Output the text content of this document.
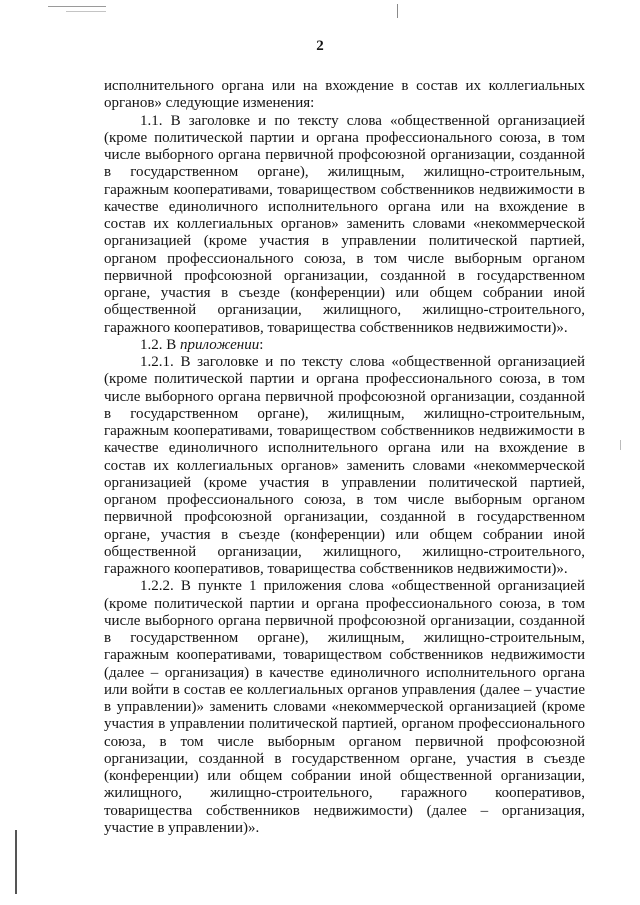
2

исполнительного органа или на вхождение в состав их коллегиальных органов» следующие изменения:

1.1. В заголовке и по тексту слова «общественной организацией (кроме политической партии и органа профессионального союза, в том числе выборного органа первичной профсоюзной организации, созданной в государственном органе), жилищным, жилищно-строительным, гаражным кооперативами, товариществом собственников недвижимости в качестве единоличного исполнительного органа или на вхождение в состав их коллегиальных органов» заменить словами «некоммерческой организацией (кроме участия в управлении политической партией, органом профессионального союза, в том числе выборным органом первичной профсоюзной организации, созданной в государственном органе, участия в съезде (конференции) или общем собрании иной общественной организации, жилищного, жилищно-строительного, гаражного кооперативов, товарищества собственников недвижимости)».

1.2. В приложении:

1.2.1. В заголовке и по тексту слова «общественной организацией (кроме политической партии и органа профессионального союза, в том числе выборного органа первичной профсоюзной организации, созданной в государственном органе), жилищным, жилищно-строительным, гаражным кооперативами, товариществом собственников недвижимости в качестве единоличного исполнительного органа или на вхождение в состав их коллегиальных органов» заменить словами «некоммерческой организацией (кроме участия в управлении политической партией, органом профессионального союза, в том числе выборным органом первичной профсоюзной организации, созданной в государственном органе, участия в съезде (конференции) или общем собрании иной общественной организации, жилищного, жилищно-строительного, гаражного кооперативов, товарищества собственников недвижимости)».

1.2.2. В пункте 1 приложения слова «общественной организацией (кроме политической партии и органа профессионального союза, в том числе выборного органа первичной профсоюзной организации, созданной в государственном органе), жилищным, жилищно-строительным, гаражным кооперативами, товариществом собственников недвижимости (далее – организация) в качестве единоличного исполнительного органа или войти в состав ее коллегиальных органов управления (далее – участие в управлении)» заменить словами «некоммерческой организацией (кроме участия в управлении политической партией, органом профессионального союза, в том числе выборным органом первичной профсоюзной организации, созданной в государственном органе, участия в съезде (конференции) или общем собрании иной общественной организации, жилищного, жилищно-строительного, гаражного кооперативов, товарищества собственников недвижимости) (далее – организация, участие в управлении)».
